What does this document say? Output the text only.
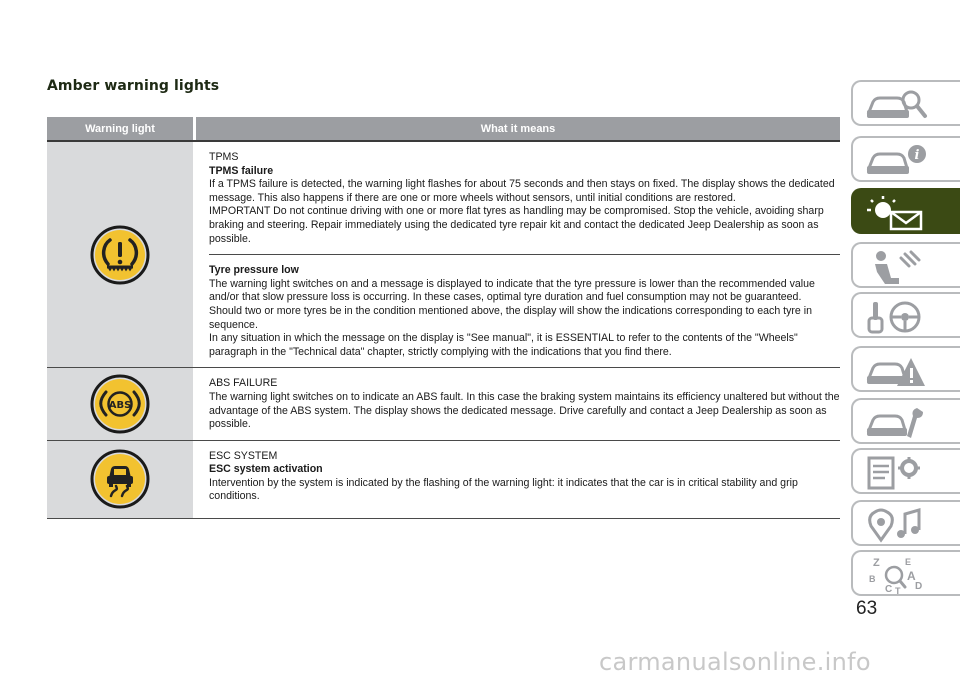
Amber warning lights
Warning light	What it means
TPMS
TPMS failure
If a TPMS failure is detected, the warning light flashes for about 75 seconds and then stays on fixed. The display shows the dedicated message. This also happens if there are one or more wheels without sensors, until initial conditions are restored.
IMPORTANT Do not continue driving with one or more flat tyres as handling may be compromised. Stop the vehicle, avoiding sharp braking and steering. Repair immediately using the dedicated tyre repair kit and contact the dedicated Jeep Dealership as soon as possible.
Tyre pressure low
The warning light switches on and a message is displayed to indicate that the tyre pressure is lower than the recommended value and/or that slow pressure loss is occurring. In these cases, optimal tyre duration and fuel consumption may not be guaranteed.
Should two or more tyres be in the condition mentioned above, the display will show the indications corresponding to each tyre in sequence.
In any situation in which the message on the display is "See manual", it is ESSENTIAL to refer to the contents of the "Wheels" paragraph in the "Technical data" chapter, strictly complying with the indications that you find there.
ABS
ABS FAILURE
The warning light switches on to indicate an ABS fault. In this case the braking system maintains its efficiency unaltered but without the advantage of the ABS system. The display shows the dedicated message. Drive carefully and contact a Jeep Dealership as soon as possible.
ESC SYSTEM
ESC system activation
Intervention by the system is indicated by the flashing of the warning light: it indicates that the car is in critical stability and grip conditions.
i
Z	E
B	A
C D
T
63
carmanualsonline.info
